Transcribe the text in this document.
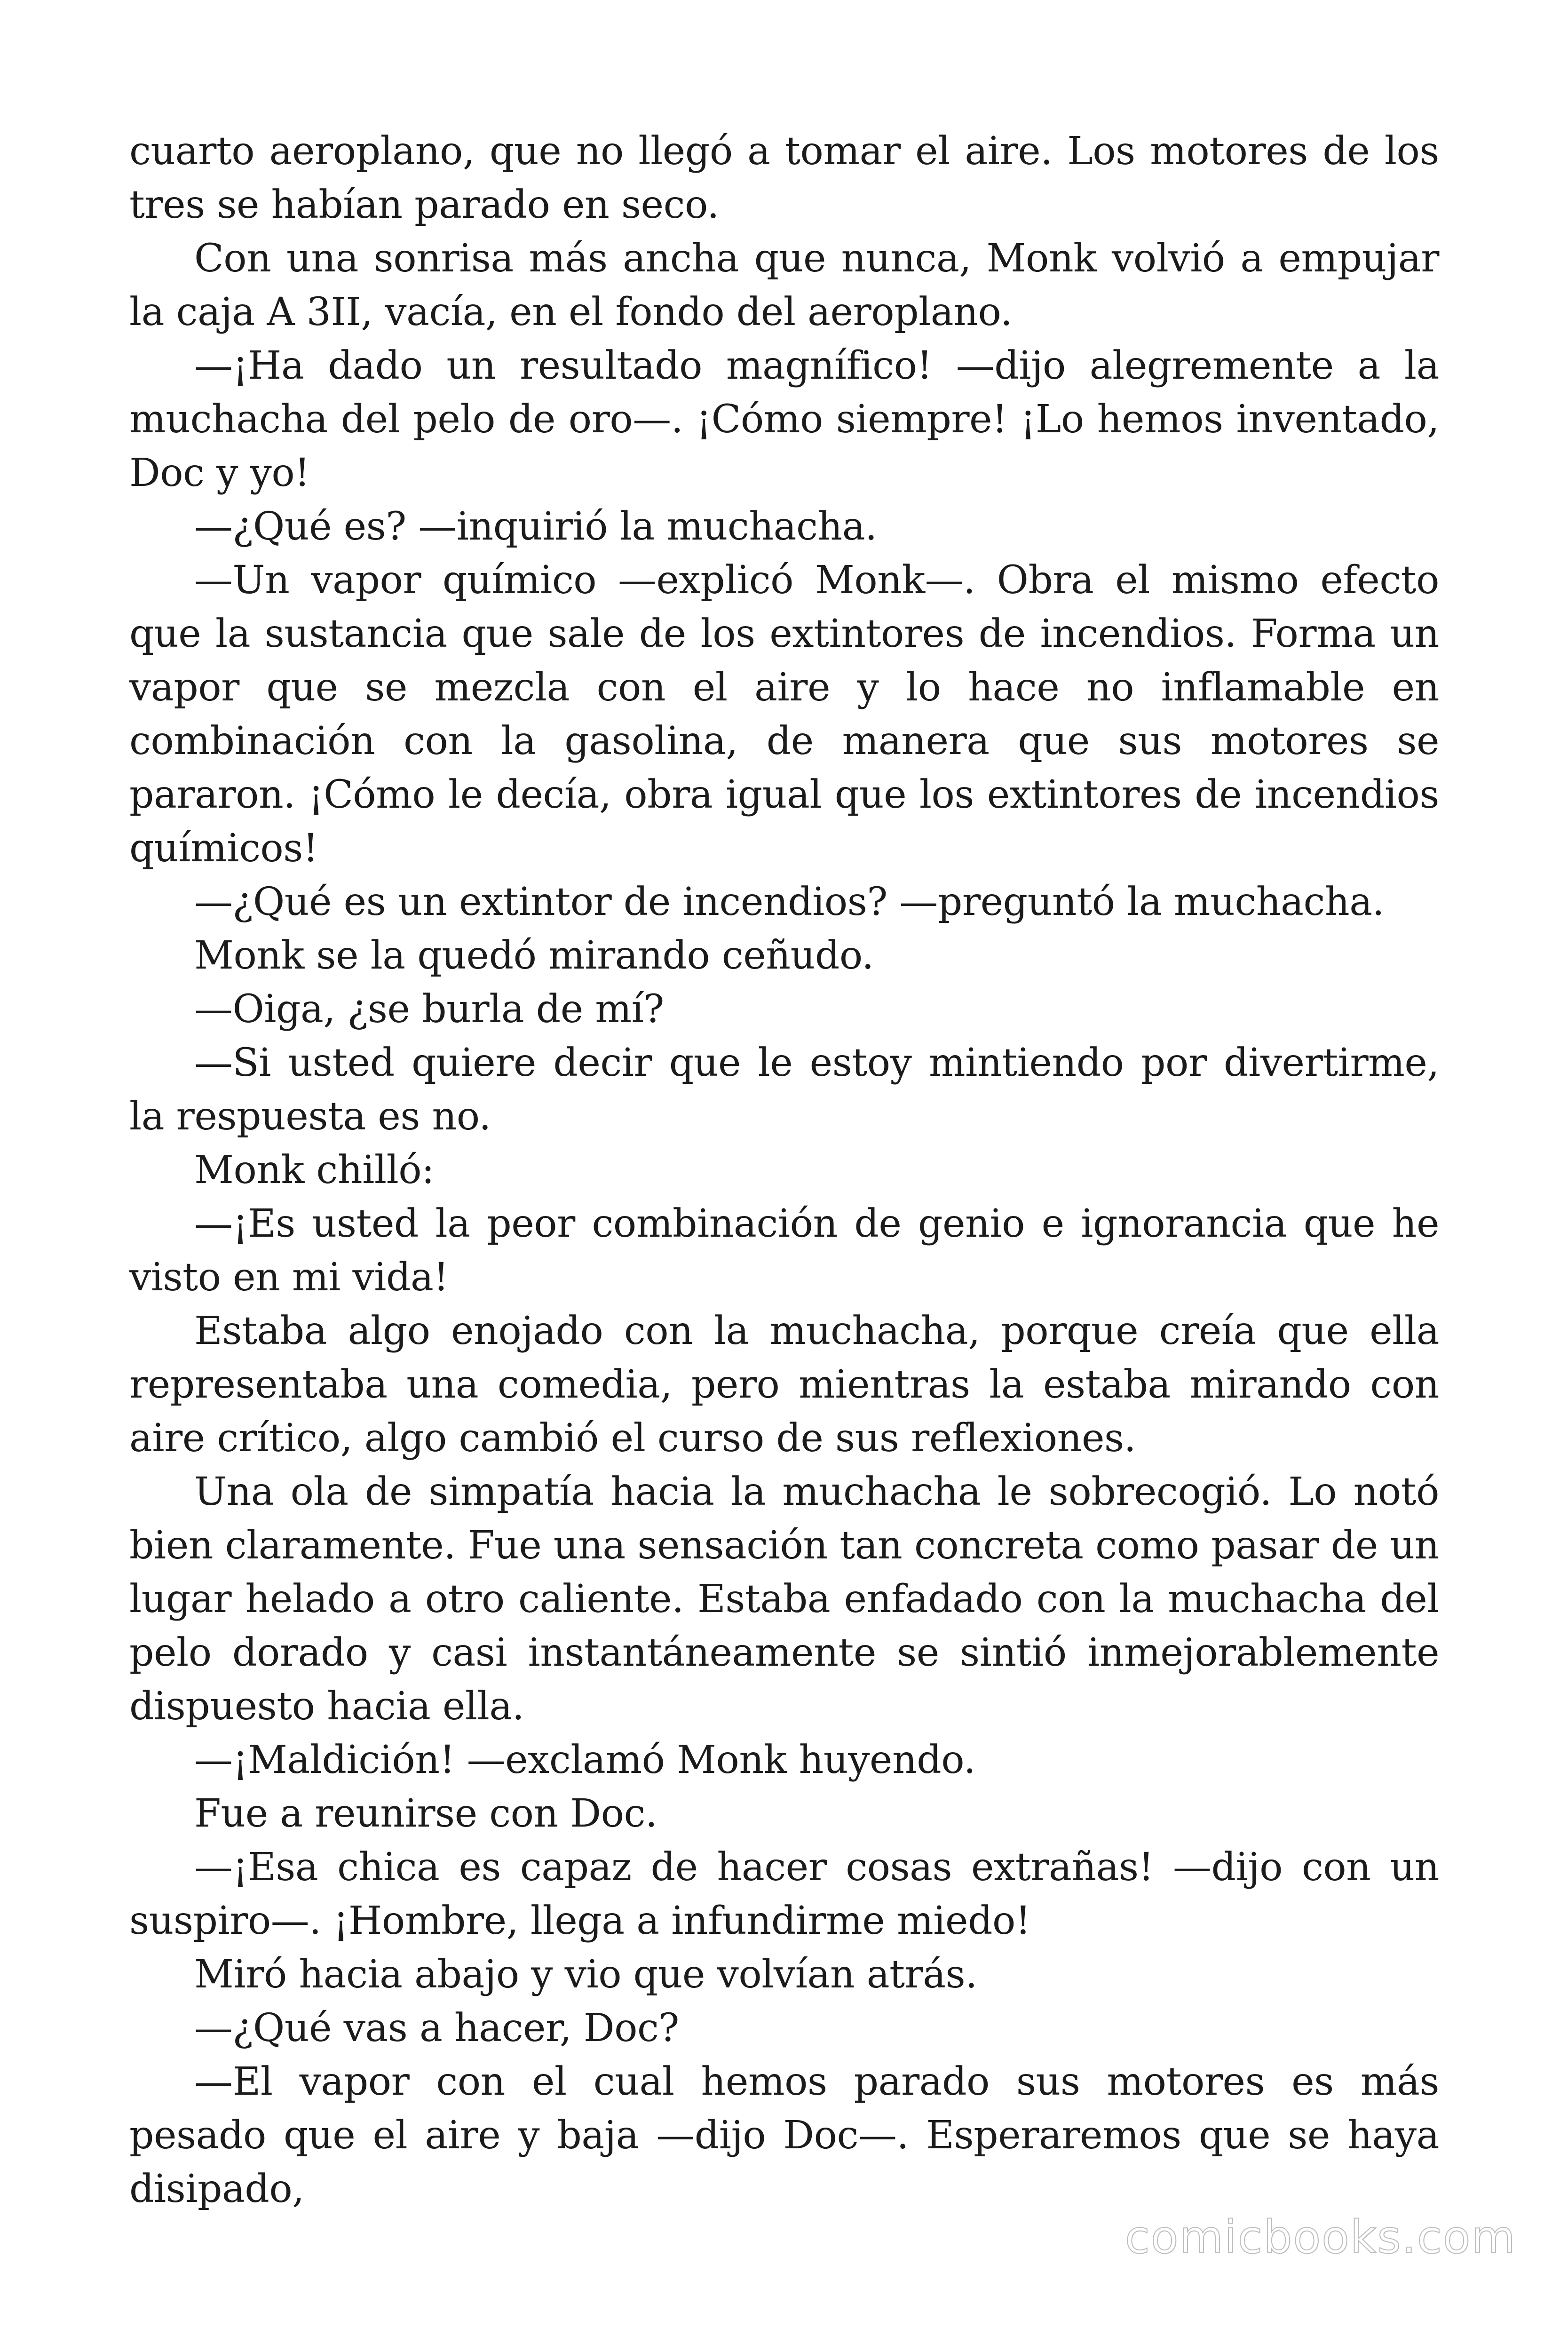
cuarto aeroplano, que no llegó a tomar el aire. Los motores de los tres se habían parado en seco.

Con una sonrisa más ancha que nunca, Monk volvió a empujar la caja A 3II, vacía, en el fondo del aeroplano.

—¡Ha dado un resultado magnífico! —dijo alegremente a la muchacha del pelo de oro—. ¡Cómo siempre! ¡Lo hemos inventado, Doc y yo!

—¿Qué es? —inquirió la muchacha.

—Un vapor químico —explicó Monk—. Obra el mismo efecto que la sustancia que sale de los extintores de incendios. Forma un vapor que se mezcla con el aire y lo hace no inflamable en combinación con la gasolina, de manera que sus motores se pararon. ¡Cómo le decía, obra igual que los extintores de incendios químicos!

—¿Qué es un extintor de incendios? —preguntó la muchacha.

Monk se la quedó mirando ceñudo.

—Oiga, ¿se burla de mí?

—Si usted quiere decir que le estoy mintiendo por divertirme, la respuesta es no.

Monk chilló:

—¡Es usted la peor combinación de genio e ignorancia que he visto en mi vida!

Estaba algo enojado con la muchacha, porque creía que ella representaba una comedia, pero mientras la estaba mirando con aire crítico, algo cambió el curso de sus reflexiones.

Una ola de simpatía hacia la muchacha le sobrecogió. Lo notó bien claramente. Fue una sensación tan concreta como pasar de un lugar helado a otro caliente. Estaba enfadado con la muchacha del pelo dorado y casi instantáneamente se sintió inmejorablemente dispuesto hacia ella.

—¡Maldición! —exclamó Monk huyendo.

Fue a reunirse con Doc.

—¡Esa chica es capaz de hacer cosas extrañas! —dijo con un suspiro—. ¡Hombre, llega a infundirme miedo!

Miró hacia abajo y vio que volvían atrás.

—¿Qué vas a hacer, Doc?

—El vapor con el cual hemos parado sus motores es más pesado que el aire y baja —dijo Doc—. Esperaremos que se haya disipado,

comicbooks.com
